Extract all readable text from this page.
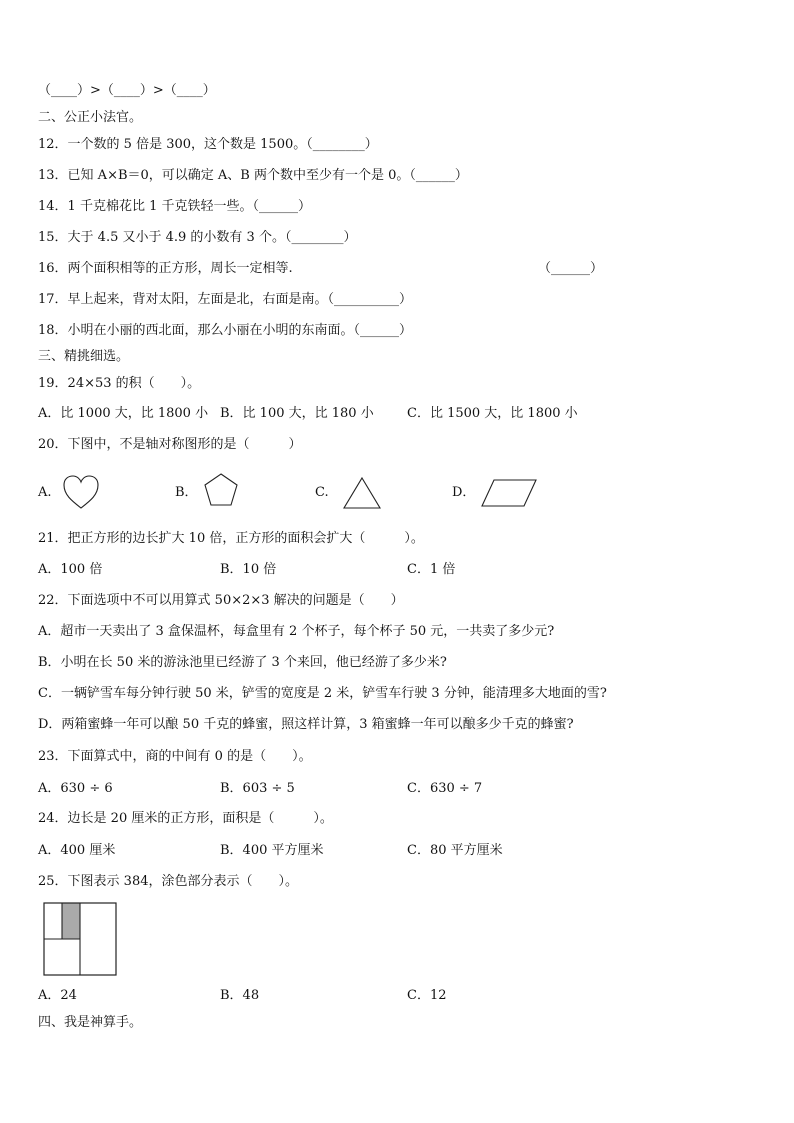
（____）>（____）>（____）
二、公正小法官。
12．一个数的 5 倍是 300，这个数是 1500。（________）
13．已知 A×B＝0，可以确定 A、B 两个数中至少有一个是 0。（______）
14．1 千克棉花比 1 千克铁轻一些。（______）
15．大于 4.5 又小于 4.9 的小数有 3 个。（________）
16．两个面积相等的正方形，周长一定相等.	（______）
17．早上起来，背对太阳，左面是北，右面是南。（__________）
18．小明在小丽的西北面，那么小丽在小明的东南面。（______）
三、精挑细选。
19．24×53 的积（　　）。
A．比 1000 大，比 1800 小 B．比 100 大，比 180 小	C．比 1500 大，比 1800 小
20．下图中，不是轴对称图形的是（　　　）
A.	B．	C.	D．
21．把正方形的边长扩大 10 倍，正方形的面积会扩大（　　　）。
A．100 倍	B．10 倍	C．1 倍
22．下面选项中不可以用算式 50×2×3 解决的问题是（　　）
A．超市一天卖出了 3 盒保温杯，每盒里有 2 个杯子，每个杯子 50 元，一共卖了多少元?
B．小明在长 50 米的游泳池里已经游了 3 个来回，他已经游了多少米?
C．一辆铲雪车每分钟行驶 50 米，铲雪的宽度是 2 米，铲雪车行驶 3 分钟，能清理多大地面的雪?
D．两箱蜜蜂一年可以酿 50 千克的蜂蜜，照这样计算，3 箱蜜蜂一年可以酿多少千克的蜂蜜?
23．下面算式中，商的中间有 0 的是（　　）。
A．630 ÷ 6	B．603 ÷ 5	C．630 ÷ 7
24．边长是 20 厘米的正方形，面积是（　　　）。
A．400 厘米	B．400 平方厘米	C．80 平方厘米
25．下图表示 384，涂色部分表示（　　）。
A．24	B．48	C．12
四、我是神算手。
